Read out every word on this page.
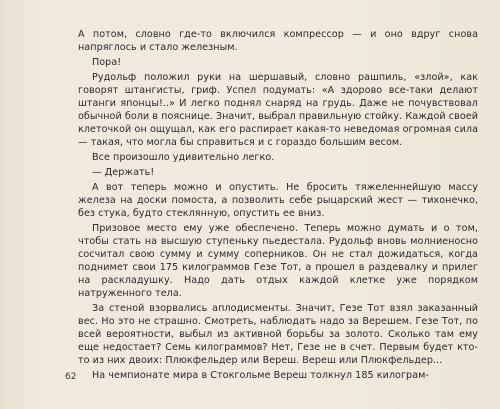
А потом, словно где-то включился компрессор — и оно вдруг снова напряглось и стало железным.

Пора!

Рудольф положил руки на шершавый, словно рашпиль, «злой», как говорят штангисты, гриф. Успел подумать: «А здорово все-таки делают штанги японцы!..» И легко поднял снаряд на грудь. Даже не почувствовал обычной боли в пояснице. Значит, выбрал правильную стойку. Каждой своей клеточкой он ощущал, как его распирает какая-то неведомая огромная сила — такая, что могла бы справиться и с гораздо большим весом.

Все произошло удивительно легко.

— Держать!

А вот теперь можно и опустить. Не бросить тяжеленнейшую массу железа на доски помоста, а позволить себе рыцарский жест — тихонечко, без стука, будто стеклянную, опустить ее вниз.

Призовое место ему уже обеспечено. Теперь можно думать и о том, чтобы стать на высшую ступеньку пьедестала. Рудольф вновь молниеносно сосчитал свою сумму и сумму соперников. Он не стал дожидаться, когда поднимет свои 175 килограммов Гезе Тот, а прошел в раздевалку и прилег на раскладушку. Надо дать отдых каждой клетке уже порядком натруженного тела.

За стеной взорвались аплодисменты. Значит, Гезе Тот взял заказанный вес. Но это не страшно. Смотреть, наблюдать надо за Верешем. Гезе Тот, по всей вероятности, выбыл из активной борьбы за золото. Сколько там ему еще недостает? Семь килограммов? Нет, Гезе не в счет. Первым будет кто-то из них двоих: Плюкфельдер или Вереш. Вереш или Плюкфельдер...

На чемпионате мира в Стокгольме Вереш толкнул 185 килограм-

62
